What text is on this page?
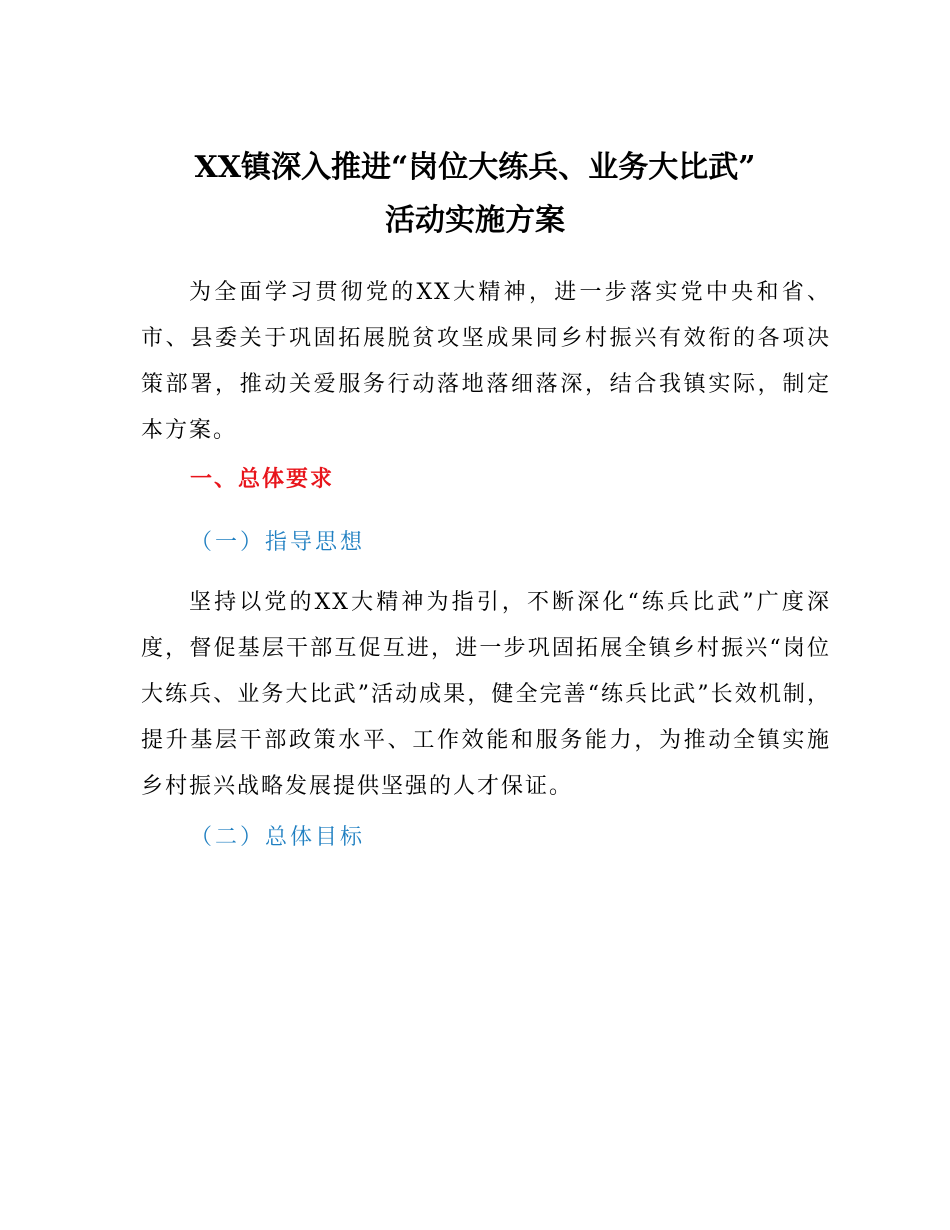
XX镇深入推进“岗位大练兵、业务大比武”
活动实施方案
为全面学习贯彻党的XX大精神，进一步落实党中央和省、市、县委关于巩固拓展脱贫攻坚成果同乡村振兴有效衔的各项决策部署，推动关爱服务行动落地落细落深，结合我镇实际，制定本方案。
一、总体要求
（一）指导思想
坚持以党的XX大精神为指引，不断深化“练兵比武”广度深度，督促基层干部互促互进，进一步巩固拓展全镇乡村振兴“岗位大练兵、业务大比武”活动成果，健全完善“练兵比武”长效机制，提升基层干部政策水平、工作效能和服务能力，为推动全镇实施乡村振兴战略发展提供坚强的人才保证。
（二）总体目标
